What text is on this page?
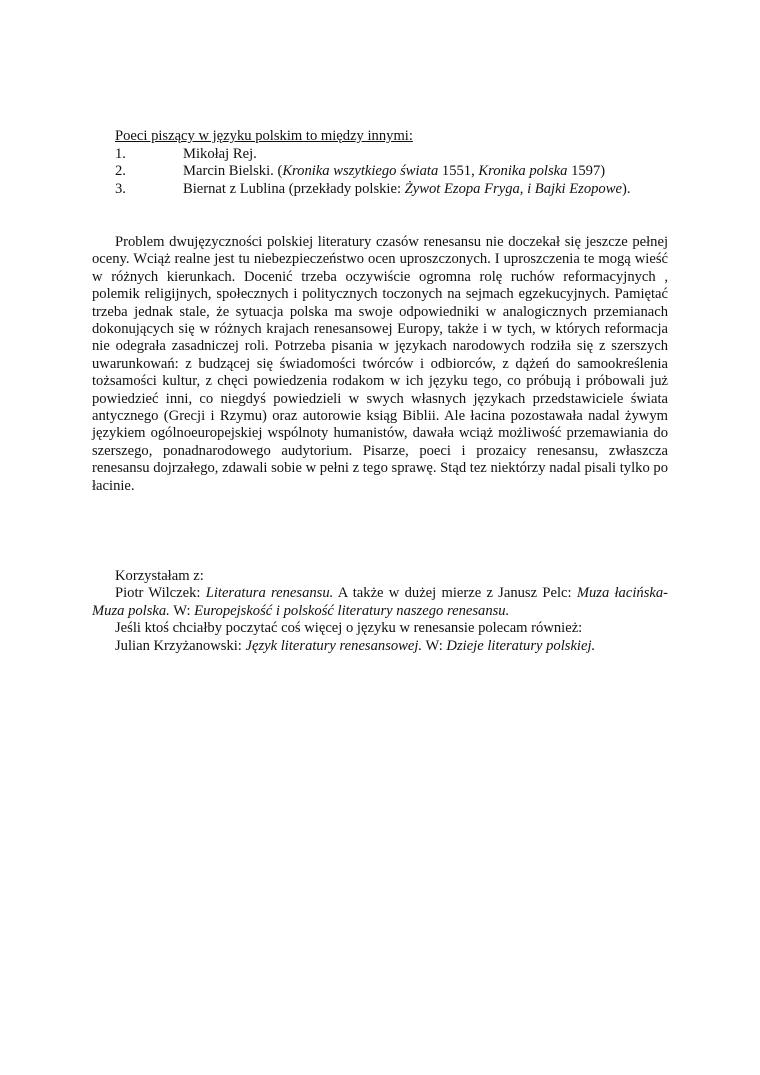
Poeci piszący w języku polskim to między innymi:

1.	Mikołaj Rej.
2.	Marcin Bielski. (Kronika wszytkiego świata 1551, Kronika polska 1597)
3.	Biernat z Lublina (przekłady polskie: Żywot Ezopa Fryga, i Bajki Ezopowe).

Problem dwujęzyczności polskiej literatury czasów renesansu nie doczekał się jeszcze pełnej oceny. Wciąż realne jest tu niebezpieczeństwo ocen uproszczonych. I uproszczenia te mogą wieść w różnych kierunkach. Docenić trzeba oczywiście ogromna rolę ruchów reformacyjnych , polemik religijnych, społecznych i politycznych toczonych na sejmach egzekucyjnych. Pamiętać trzeba jednak stale, że sytuacja polska ma swoje odpowiedniki w analogicznych przemianach dokonujących się w różnych krajach renesansowej Europy, także i w tych, w których reformacja nie odegrała zasadniczej roli. Potrzeba pisania w językach narodowych rodziła się z szerszych uwarunkowań: z budzącej się świadomości twórców i odbiorców, z dążeń do samookreślenia tożsamości kultur, z chęci powiedzenia rodakom w ich języku tego, co próbują i próbowali już powiedzieć inni, co niegdyś powiedzieli w swych własnych językach przedstawiciele świata antycznego (Grecji i Rzymu) oraz autorowie ksiąg Biblii. Ale łacina pozostawała nadal żywym językiem ogólnoeuropejskiej wspólnoty humanistów, dawała wciąż możliwość przemawiania do szerszego, ponadnarodowego audytorium. Pisarze, poeci i prozaicy renesansu, zwłaszcza renesansu dojrzałego, zdawali sobie w pełni z tego sprawę. Stąd tez niektórzy nadal pisali tylko po łacinie.

Korzystałam z:

Piotr Wilczek: Literatura renesansu. A także w dużej mierze z Janusz Pelc: Muza łacińska-Muza polska. W: Europejskość i polskość literatury naszego renesansu.

Jeśli ktoś chciałby poczytać coś więcej o języku w renesansie polecam również:

Julian Krzyżanowski: Język literatury renesansowej. W: Dzieje literatury polskiej.
